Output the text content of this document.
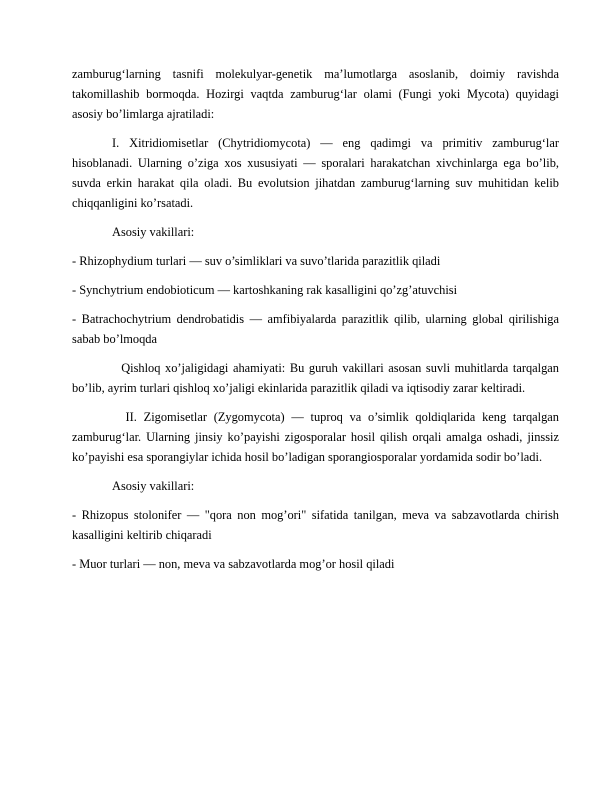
zamburug‘larning tasnifi molekulyar-genetik ma’lumotlarga asoslanib, doimiy ravishda takomillashib bormoqda. Hozirgi vaqtda zamburug‘lar olami (Fungi yoki Mycota) quyidagi asosiy bo’limlarga ajratiladi:

I. Xitridiomisetlar (Chytridiomycota) — eng qadimgi va primitiv zamburug‘lar hisoblanadi. Ularning o’ziga xos xususiyati — sporalari harakatchan xivchinlarga ega bo’lib, suvda erkin harakat qila oladi. Bu evolutsion jihatdan zamburug‘larning suv muhitidan kelib chiqqanligini ko’rsatadi.

Asosiy vakillari:

- Rhizophydium turlari — suv o’simliklari va suvo’tlarida parazitlik qiladi

- Synchytrium endobioticum — kartoshkaning rak kasalligini qo’zg’atuvchisi

- Batrachochytrium dendrobatidis — amfibiyalarda parazitlik qilib, ularning global qirilishiga sabab bo’lmoqda

Qishloq xo’jaligidagi ahamiyati: Bu guruh vakillari asosan suvli muhitlarda tarqalgan bo’lib, ayrim turlari qishloq xo’jaligi ekinlarida parazitlik qiladi va iqtisodiy zarar keltiradi.

II. Zigomisetlar (Zygomycota) — tuproq va o’simlik qoldiqlarida keng tarqalgan zamburug‘lar. Ularning jinsiy ko’payishi zigosporalar hosil qilish orqali amalga oshadi, jinssiz ko’payishi esa sporangiylar ichida hosil bo’ladigan sporangiosporalar yordamida sodir bo’ladi.

Asosiy vakillari:

- Rhizopus stolonifer — "qora non mog’ori" sifatida tanilgan, meva va sabzavotlarda chirish kasalligini keltirib chiqaradi

- Muor turlari — non, meva va sabzavotlarda mog’or hosil qiladi
